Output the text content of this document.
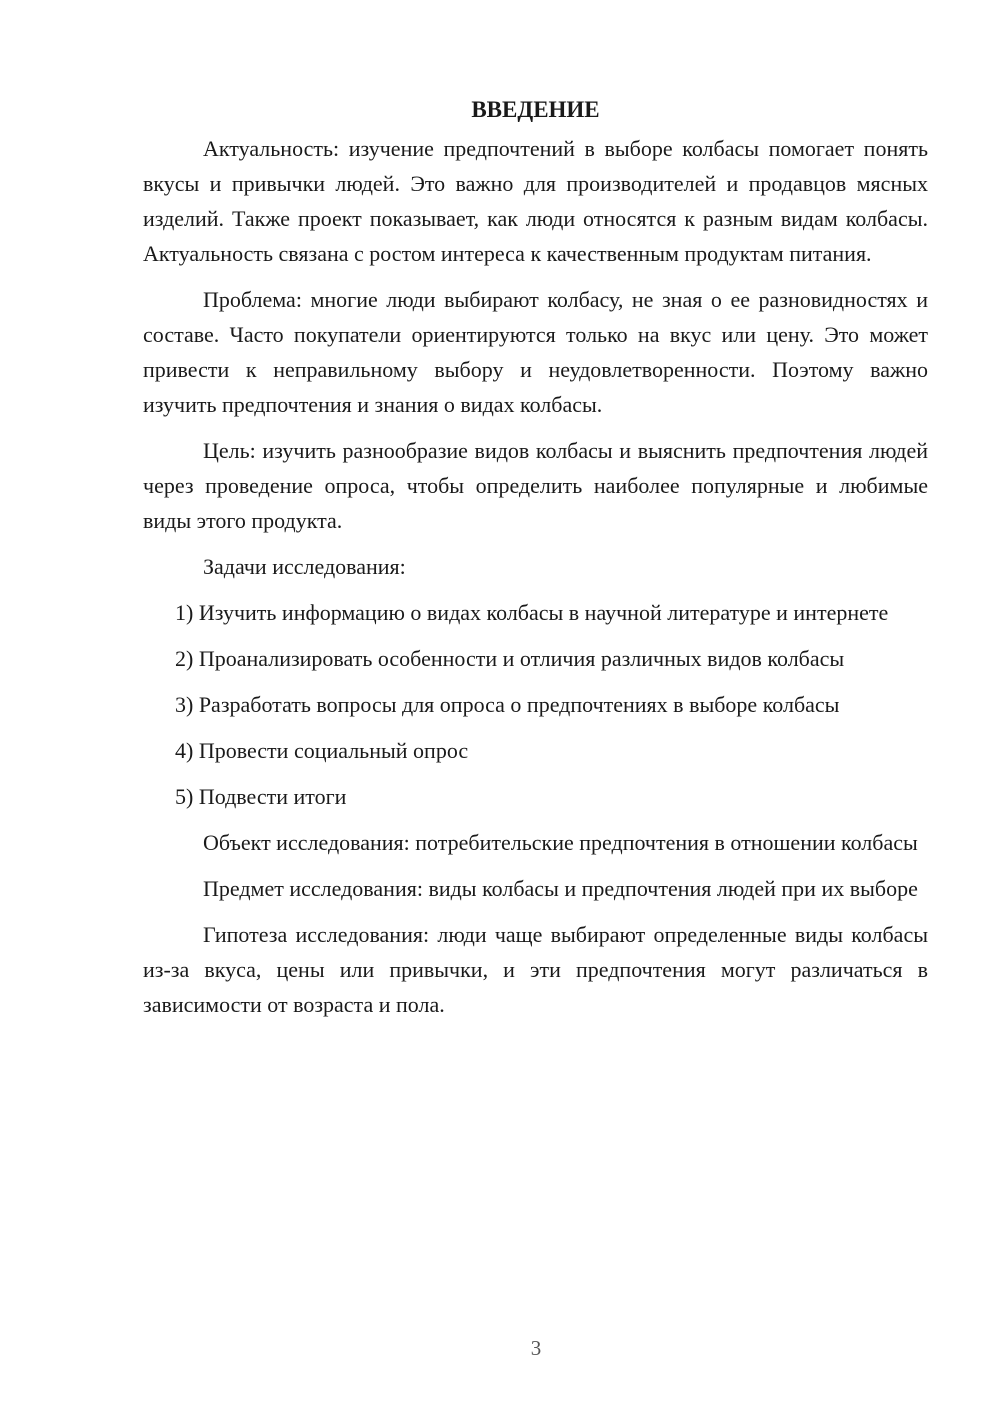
ВВЕДЕНИЕ

Актуальность: изучение предпочтений в выборе колбасы помогает понять вкусы и привычки людей. Это важно для производителей и продавцов мясных изделий. Также проект показывает, как люди относятся к разным видам колбасы. Актуальность связана с ростом интереса к качественным продуктам питания.

Проблема: многие люди выбирают колбасу, не зная о ее разновидностях и составе. Часто покупатели ориентируются только на вкус или цену. Это может привести к неправильному выбору и неудовлетворенности. Поэтому важно изучить предпочтения и знания о видах колбасы.

Цель: изучить разнообразие видов колбасы и выяснить предпочтения людей через проведение опроса, чтобы определить наиболее популярные и любимые виды этого продукта.

Задачи исследования:

1) Изучить информацию о видах колбасы в научной литературе и интернете

2) Проанализировать особенности и отличия различных видов колбасы

3) Разработать вопросы для опроса о предпочтениях в выборе колбасы

4) Провести социальный опрос

5) Подвести итоги

Объект исследования: потребительские предпочтения в отношении колбасы

Предмет исследования: виды колбасы и предпочтения людей при их выборе

Гипотеза исследования: люди чаще выбирают определенные виды колбасы из-за вкуса, цены или привычки, и эти предпочтения могут различаться в зависимости от возраста и пола.

3
